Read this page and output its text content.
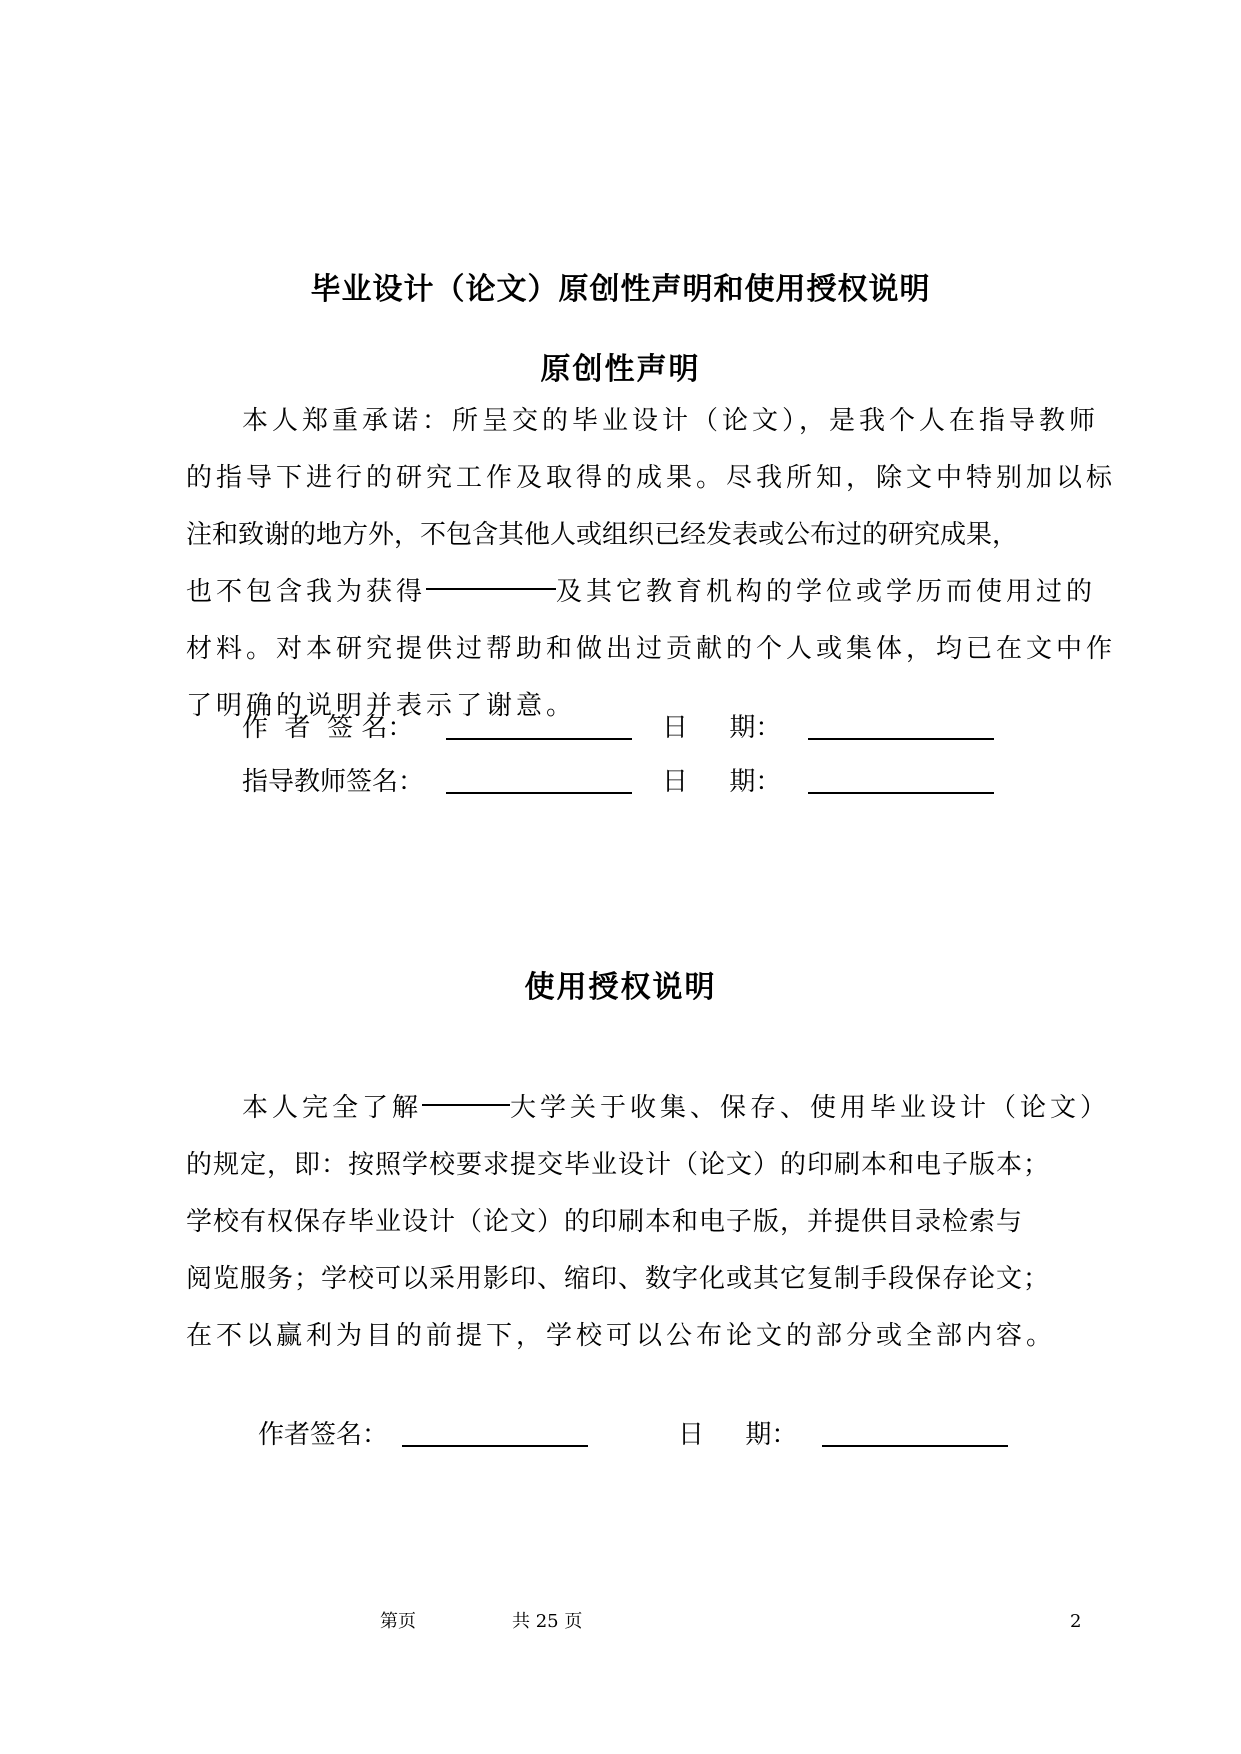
毕业设计（论文）原创性声明和使用授权说明
原创性声明
本人郑重承诺：所呈交的毕业设计（论文），是我个人在指导教师
的指导下进行的研究工作及取得的成果。尽我所知，除文中特别加以标
注和致谢的地方外，不包含其他人或组织已经发表或公布过的研究成果，
也不包含我为获得	及其它教育机构的学位或学历而使用过的
材料。对本研究提供过帮助和做出过贡献的个人或集体，均已在文中作
了明确的说明并表示了谢意。
作  者  签 名：	日     期：
指导教师签名：	日     期：
使用授权说明
本人完全了解	大学关于收集、保存、使用毕业设计（论文）
的规定，即：按照学校要求提交毕业设计（论文）的印刷本和电子版本；
学校有权保存毕业设计（论文）的印刷本和电子版，并提供目录检索与
阅览服务；学校可以采用影印、缩印、数字化或其它复制手段保存论文；
在不以赢利为目的前提下，学校可以公布论文的部分或全部内容。
作者签名：	日     期：
第页	共 25 页	2
